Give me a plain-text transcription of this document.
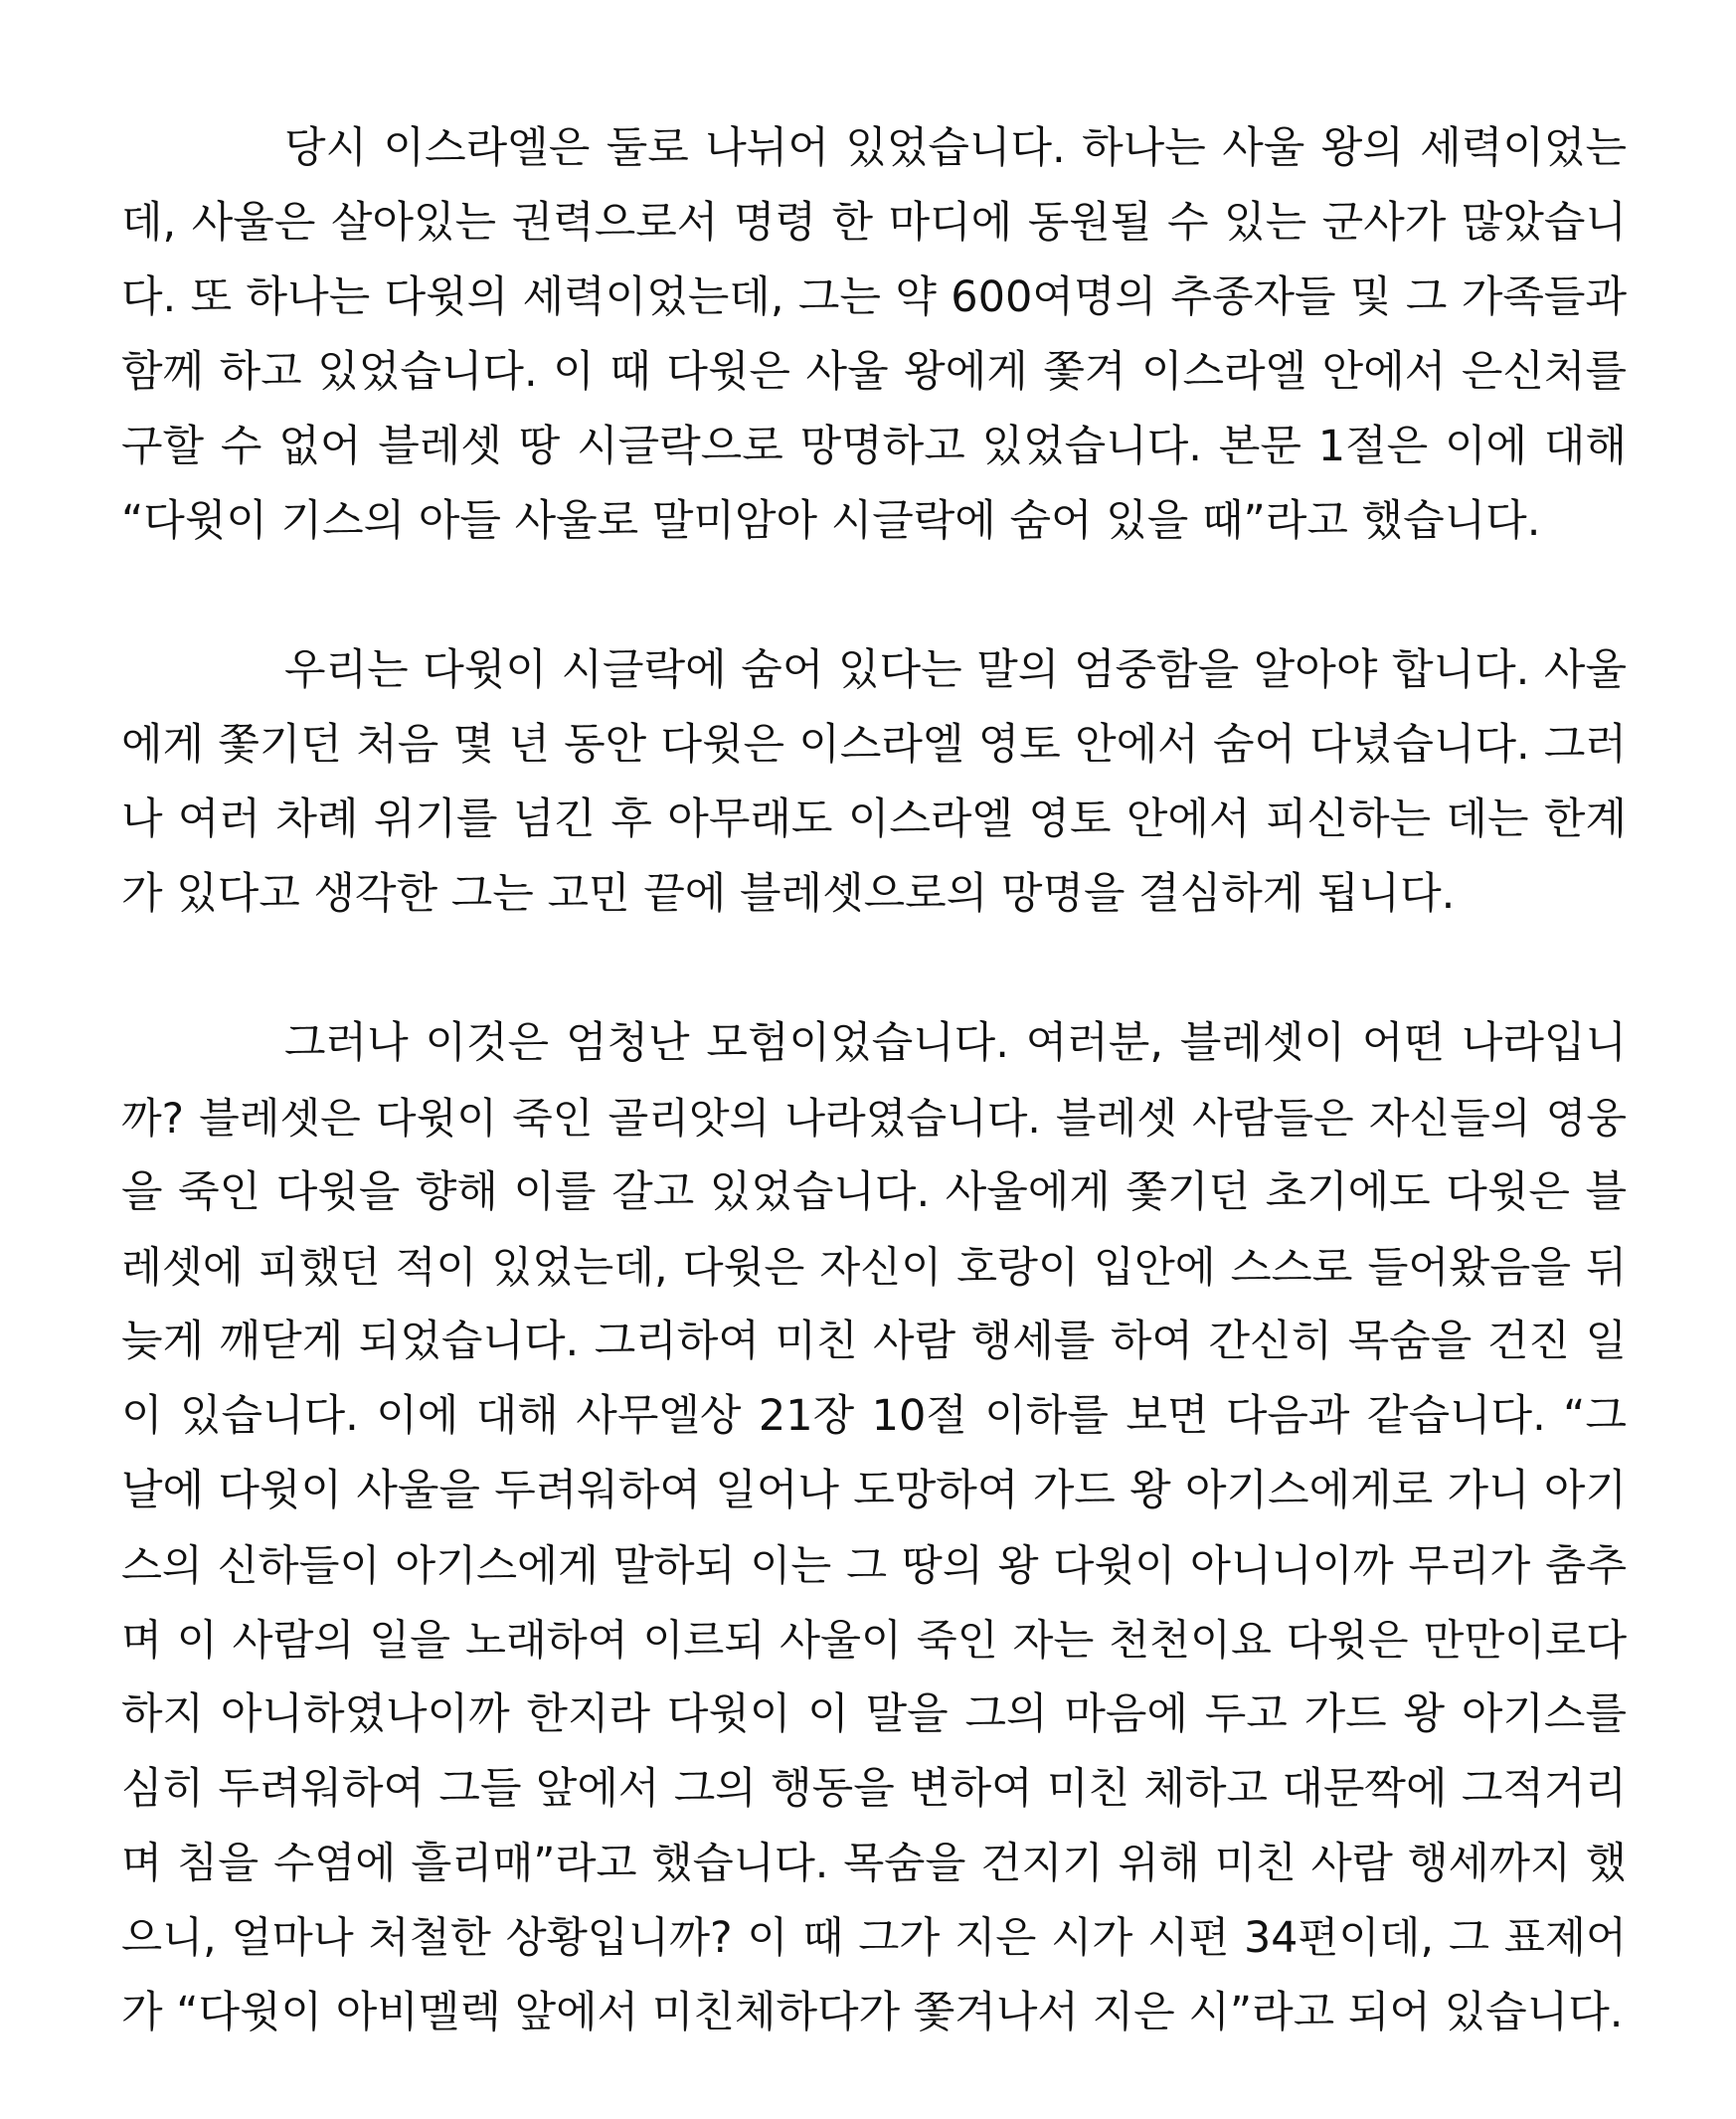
당시 이스라엘은 둘로 나뉘어 있었습니다. 하나는 사울 왕의 세력이었는
데, 사울은 살아있는 권력으로서 명령 한 마디에 동원될 수 있는 군사가 많았습니
다. 또 하나는 다윗의 세력이었는데, 그는 약 600여명의 추종자들 및 그 가족들과
함께 하고 있었습니다. 이 때 다윗은 사울 왕에게 쫓겨 이스라엘 안에서 은신처를
구할 수 없어 블레셋 땅 시글락으로 망명하고 있었습니다. 본문 1절은 이에 대해
“다윗이 기스의 아들 사울로 말미암아 시글락에 숨어 있을 때”라고 했습니다.
우리는 다윗이 시글락에 숨어 있다는 말의 엄중함을 알아야 합니다. 사울
에게 쫓기던 처음 몇 년 동안 다윗은 이스라엘 영토 안에서 숨어 다녔습니다. 그러
나 여러 차례 위기를 넘긴 후 아무래도 이스라엘 영토 안에서 피신하는 데는 한계
가 있다고 생각한 그는 고민 끝에 블레셋으로의 망명을 결심하게 됩니다.
그러나 이것은 엄청난 모험이었습니다. 여러분, 블레셋이 어떤 나라입니
까? 블레셋은 다윗이 죽인 골리앗의 나라였습니다. 블레셋 사람들은 자신들의 영웅
을 죽인 다윗을 향해 이를 갈고 있었습니다. 사울에게 쫓기던 초기에도 다윗은 블
레셋에 피했던 적이 있었는데, 다윗은 자신이 호랑이 입안에 스스로 들어왔음을 뒤
늦게 깨닫게 되었습니다. 그리하여 미친 사람 행세를 하여 간신히 목숨을 건진 일
이 있습니다. 이에 대해 사무엘상 21장 10절 이하를 보면 다음과 같습니다. “그
날에 다윗이 사울을 두려워하여 일어나 도망하여 가드 왕 아기스에게로 가니 아기
스의 신하들이 아기스에게 말하되 이는 그 땅의 왕 다윗이 아니니이까 무리가 춤추
며 이 사람의 일을 노래하여 이르되 사울이 죽인 자는 천천이요 다윗은 만만이로다
하지 아니하였나이까 한지라 다윗이 이 말을 그의 마음에 두고 가드 왕 아기스를
심히 두려워하여 그들 앞에서 그의 행동을 변하여 미친 체하고 대문짝에 그적거리
며 침을 수염에 흘리매”라고 했습니다. 목숨을 건지기 위해 미친 사람 행세까지 했
으니, 얼마나 처철한 상황입니까? 이 때 그가 지은 시가 시편 34편이데, 그 표제어
가 “다윗이 아비멜렉 앞에서 미친체하다가 쫓겨나서 지은 시”라고 되어 있습니다.
